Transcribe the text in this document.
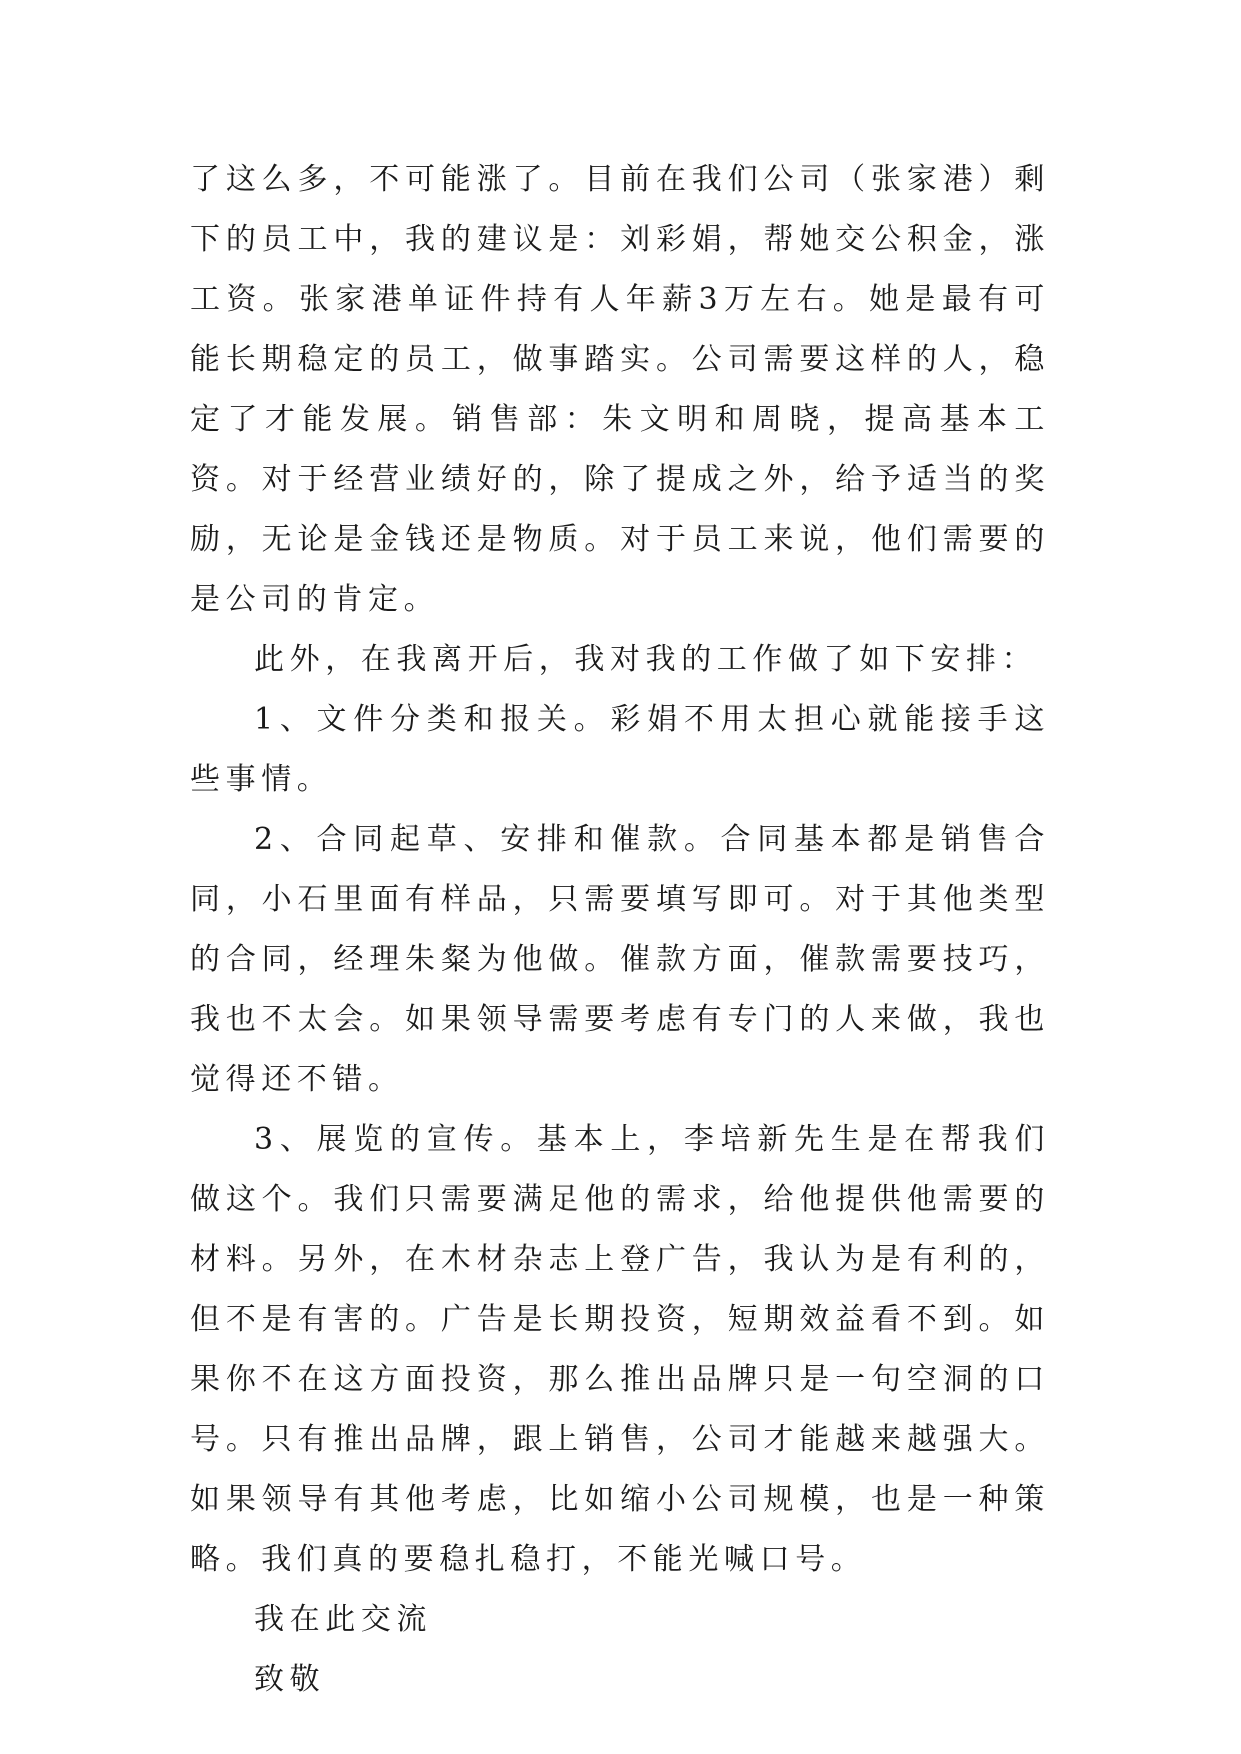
了这么多，不可能涨了。目前在我们公司（张家港）剩下的员工中，我的建议是：刘彩娟，帮她交公积金，涨工资。张家港单证件持有人年薪3万左右。她是最有可能长期稳定的员工，做事踏实。公司需要这样的人，稳定了才能发展。销售部：朱文明和周晓，提高基本工资。对于经营业绩好的，除了提成之外，给予适当的奖励，无论是金钱还是物质。对于员工来说，他们需要的是公司的肯定。

此外，在我离开后，我对我的工作做了如下安排：

1、文件分类和报关。彩娟不用太担心就能接手这些事情。

2、合同起草、安排和催款。合同基本都是销售合同，小石里面有样品，只需要填写即可。对于其他类型的合同，经理朱粲为他做。催款方面，催款需要技巧，我也不太会。如果领导需要考虑有专门的人来做，我也觉得还不错。

3、展览的宣传。基本上，李培新先生是在帮我们做这个。我们只需要满足他的需求，给他提供他需要的材料。另外，在木材杂志上登广告，我认为是有利的，但不是有害的。广告是长期投资，短期效益看不到。如果你不在这方面投资，那么推出品牌只是一句空洞的口号。只有推出品牌，跟上销售，公司才能越来越强大。如果领导有其他考虑，比如缩小公司规模，也是一种策略。我们真的要稳扎稳打，不能光喊口号。

我在此交流

致敬
